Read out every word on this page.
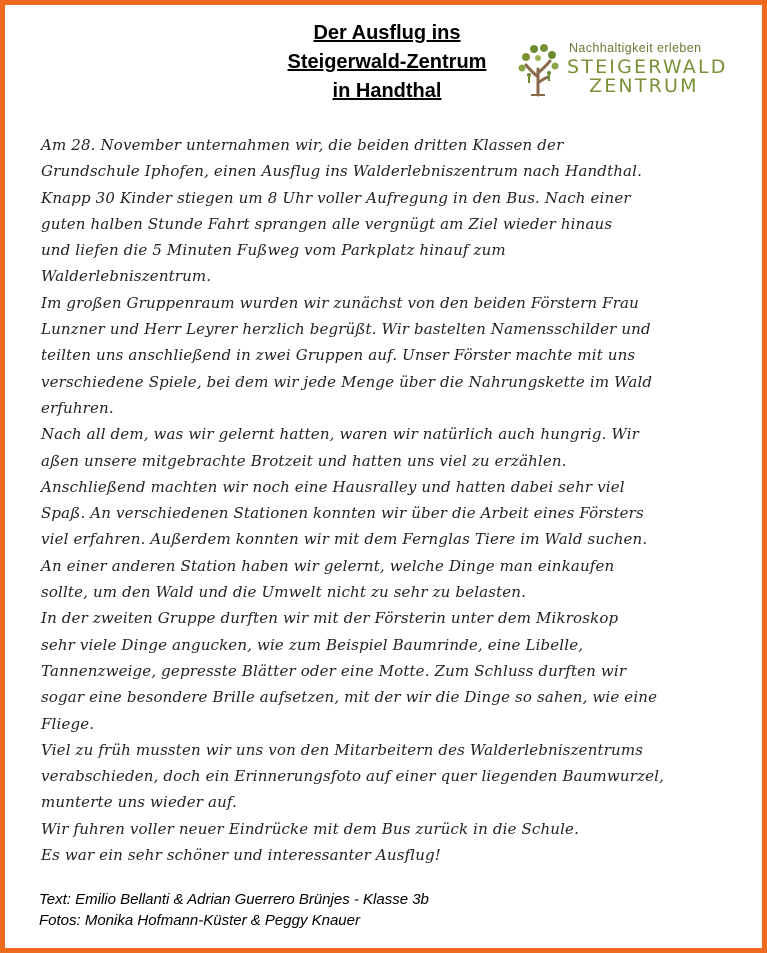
Der Ausflug ins
Steigerwald-Zentrum
in Handthal
Nachhaltigkeit erleben
STEIGERWALD
ZENTRUM
Am 28. November unternahmen wir, die beiden dritten Klassen der
Grundschule Iphofen, einen Ausflug ins Walderlebniszentrum nach Handthal.
Knapp 30 Kinder stiegen um 8 Uhr voller Aufregung in den Bus. Nach einer
guten halben Stunde Fahrt sprangen alle vergnügt am Ziel wieder hinaus
und liefen die 5 Minuten Fußweg vom Parkplatz hinauf zum
Walderlebniszentrum.
Im großen Gruppenraum wurden wir zunächst von den beiden Förstern Frau
Lunzner und Herr Leyrer herzlich begrüßt. Wir bastelten Namensschilder und
teilten uns anschließend in zwei Gruppen auf. Unser Förster machte mit uns
verschiedene Spiele, bei dem wir jede Menge über die Nahrungskette im Wald
erfuhren.
Nach all dem, was wir gelernt hatten, waren wir natürlich auch hungrig. Wir
aßen unsere mitgebrachte Brotzeit und hatten uns viel zu erzählen.
Anschließend machten wir noch eine Hausralley und hatten dabei sehr viel
Spaß. An verschiedenen Stationen konnten wir über die Arbeit eines Försters
viel erfahren. Außerdem konnten wir mit dem Fernglas Tiere im Wald suchen.
An einer anderen Station haben wir gelernt, welche Dinge man einkaufen
sollte, um den Wald und die Umwelt nicht zu sehr zu belasten.
In der zweiten Gruppe durften wir mit der Försterin unter dem Mikroskop
sehr viele Dinge angucken, wie zum Beispiel Baumrinde, eine Libelle,
Tannenzweige, gepresste Blätter oder eine Motte. Zum Schluss durften wir
sogar eine besondere Brille aufsetzen, mit der wir die Dinge so sahen, wie eine
Fliege.
Viel zu früh mussten wir uns von den Mitarbeitern des Walderlebniszentrums
verabschieden, doch ein Erinnerungsfoto auf einer quer liegenden Baumwurzel,
munterte uns wieder auf.
Wir fuhren voller neuer Eindrücke mit dem Bus zurück in die Schule.
Es war ein sehr schöner und interessanter Ausflug!
Text: Emilio Bellanti & Adrian Guerrero Brünjes - Klasse 3b
Fotos: Monika Hofmann-Küster & Peggy Knauer
